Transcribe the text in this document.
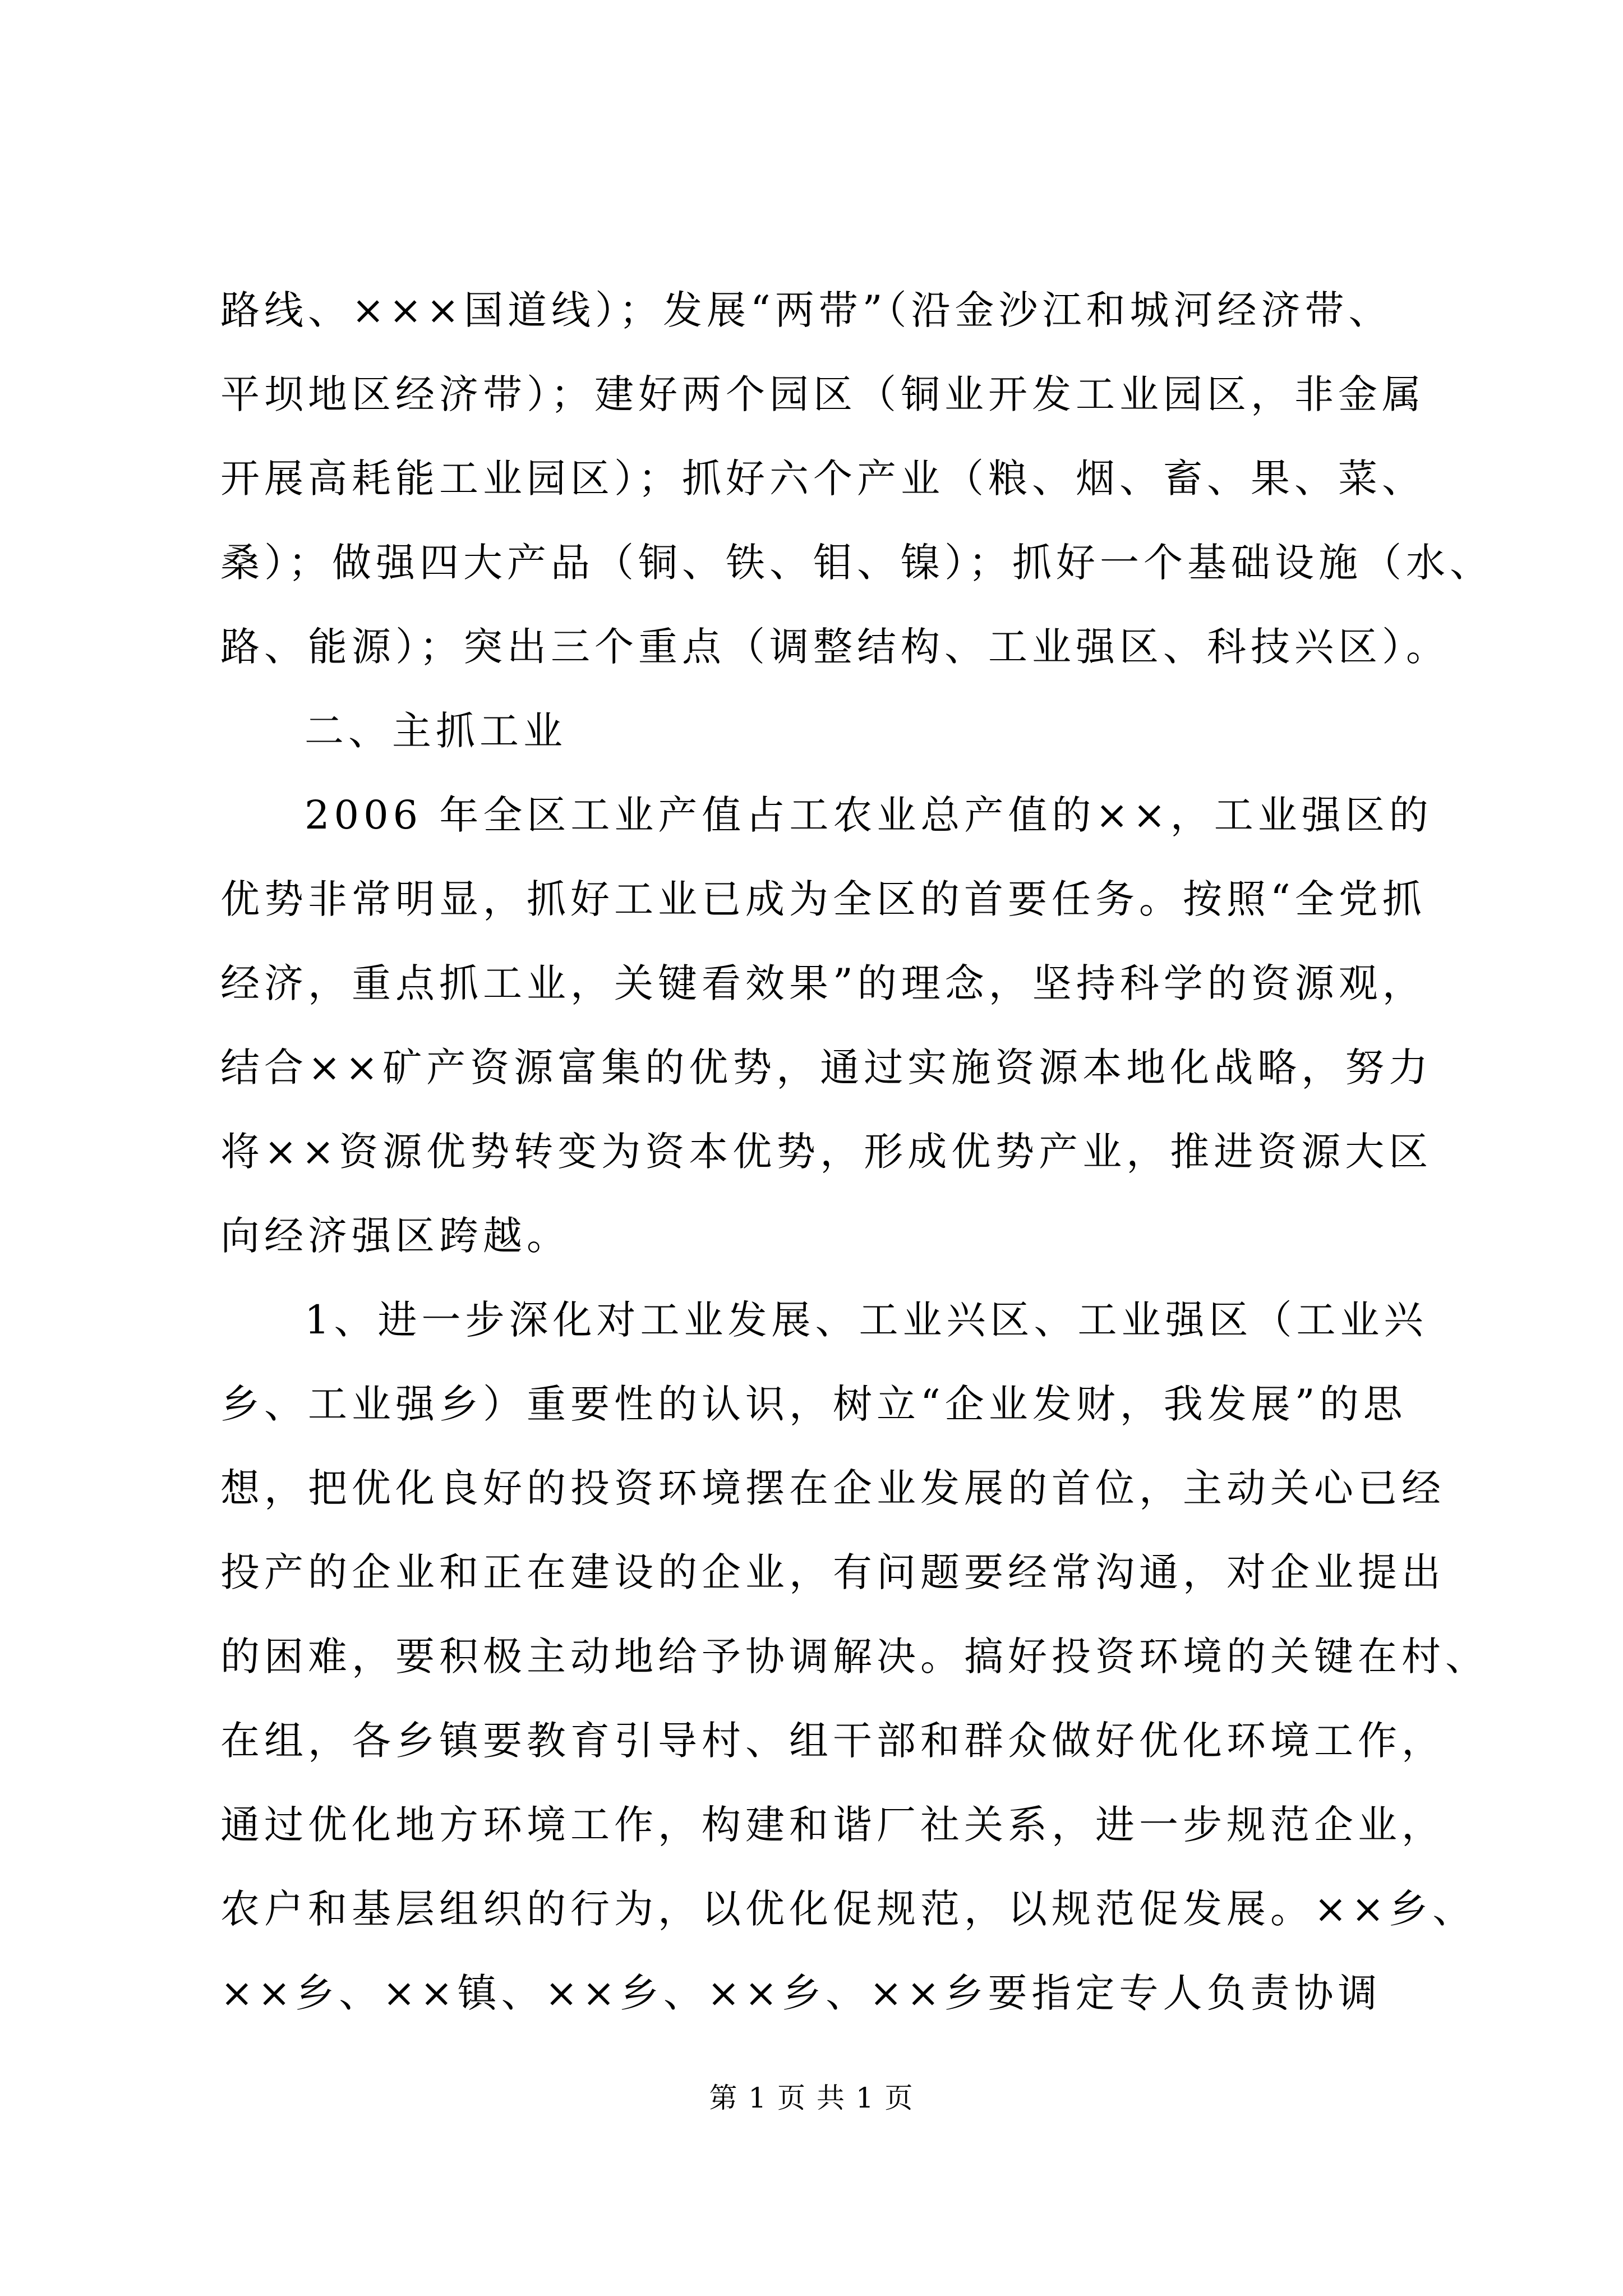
路线、×××国道线）；发展“两带”（沿金沙江和城河经济带、
平坝地区经济带）；建好两个园区（铜业开发工业园区，非金属
开展高耗能工业园区）；抓好六个产业（粮、烟、畜、果、菜、
桑）；做强四大产品（铜、铁、钼、镍）；抓好一个基础设施（水、
路、能源）；突出三个重点（调整结构、工业强区、科技兴区）。
二、主抓工业
2006 年全区工业产值占工农业总产值的××，工业强区的
优势非常明显，抓好工业已成为全区的首要任务。按照“全党抓
经济，重点抓工业，关键看效果”的理念，坚持科学的资源观，
结合××矿产资源富集的优势，通过实施资源本地化战略，努力
将××资源优势转变为资本优势，形成优势产业，推进资源大区
向经济强区跨越。
1、进一步深化对工业发展、工业兴区、工业强区（工业兴
乡、工业强乡）重要性的认识，树立“企业发财，我发展”的思
想，把优化良好的投资环境摆在企业发展的首位，主动关心已经
投产的企业和正在建设的企业，有问题要经常沟通，对企业提出
的困难，要积极主动地给予协调解决。搞好投资环境的关键在村、
在组，各乡镇要教育引导村、组干部和群众做好优化环境工作，
通过优化地方环境工作，构建和谐厂社关系，进一步规范企业，
农户和基层组织的行为，以优化促规范，以规范促发展。××乡、
××乡、××镇、××乡、××乡、××乡要指定专人负责协调
第 1 页 共 1 页
